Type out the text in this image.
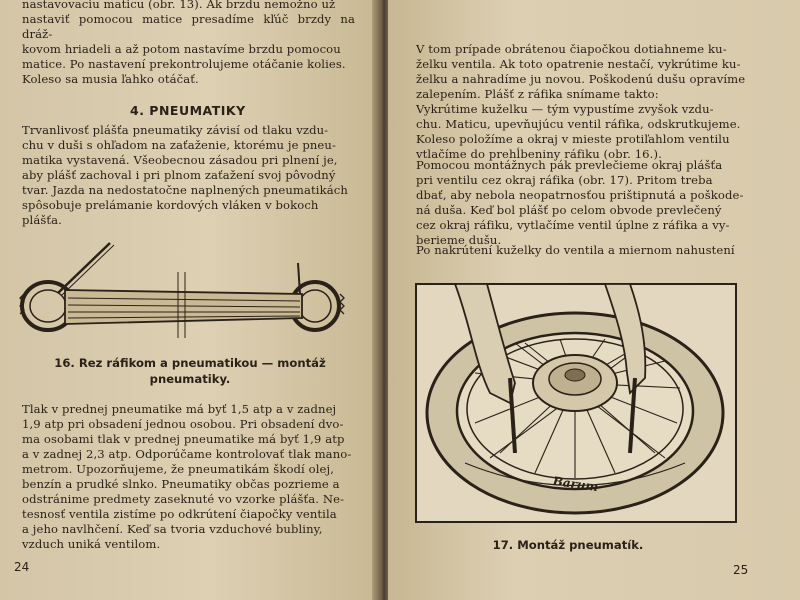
nastavovaciu maticu (obr. 13). Ak brzdu nemožno už
nastaviť pomocou matice presadíme kľúč brzdy na dráž-
kovom hriadeli a až potom nastavíme brzdu pomocou
matice. Po nastavení prekontrolujeme otáčanie kolies.
Koleso sa musia ľahko otáčať.

4. PNEUMATIKY

Trvanlivosť plášťa pneumatiky závisí od tlaku vzdu-
chu v duši s ohľadom na zaťaženie, ktorému je pneu-
matika vystavená. Všeobecnou zásadou pri plnení je,
aby plášť zachoval i pri plnom zaťažení svoj pôvodný
tvar. Jazda na nedostatočne naplnených pneumatikách
spôsobuje prelámanie kordových vláken v bokoch
plášťa.

16. Rez ráfikom a pneumatikou — montáž pneumatiky.

Tlak v prednej pneumatike má byť 1,5 atp a v zadnej
1,9 atp pri obsadení jednou osobou. Pri obsadení dvo-
ma osobami tlak v prednej pneumatike má byť 1,9 atp
a v zadnej 2,3 atp. Odporúčame kontrolovať tlak mano-
metrom. Upozorňujeme, že pneumatikám škodí olej,
benzín a prudké slnko. Pneumatiky občas pozrieme a
odstránime predmety zaseknuté vo vzorke plášťa. Ne-
tesnosť ventila zistíme po odkrútení čiapočky ventila
a jeho navlhčení. Keď sa tvoria vzduchové bubliny,
vzduch uniká ventilom.

24

V tom prípade obrátenou čiapočkou dotiahneme ku-
želku ventila. Ak toto opatrenie nestačí, vykrútime ku-
želku a nahradíme ju novou. Poškodenú dušu opravíme
zalepením. Plášť z ráfika snímame takto:

Vykrútime kuželku — tým vypustíme zvyšok vzdu-
chu. Maticu, upevňujúcu ventil ráfika, odskrutkujeme.
Koleso položíme a okraj v mieste protiľahlom ventilu
vtlačíme do prehĺbeniny ráfiku (obr. 16.).

Pomocou montážnych pák prevlečieme okraj plášťa
pri ventilu cez okraj ráfika (obr. 17). Pritom treba
dbať, aby nebola neopatrnosťou prištipnutá a poškode-
ná duša. Keď bol plášť po celom obvode prevlečený
cez okraj ráfiku, vytlačíme ventil úplne z ráfika a vy-
berieme dušu.

Po nakrútení kuželky do ventila a miernom nahustení

Barum

17. Montáž pneumatík.

25
